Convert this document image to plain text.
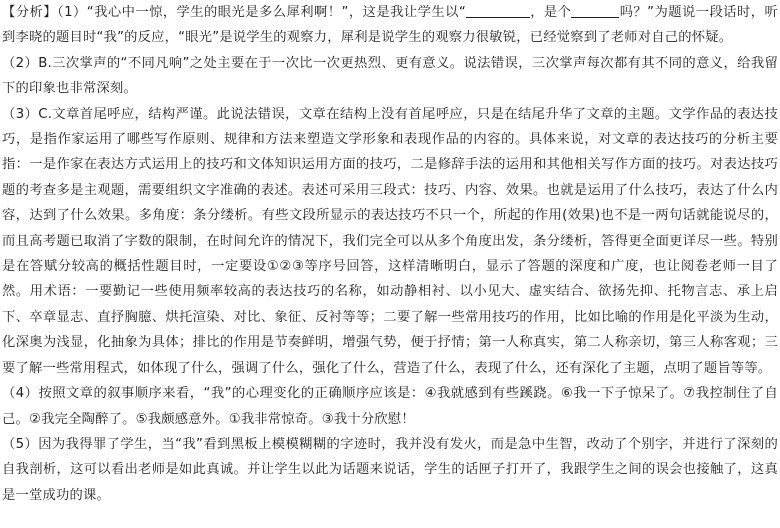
【分析】（1）“我心中一惊，学生的眼光是多么犀利啊！”，这是我让学生以“	，是个	吗？”为题说一段话时，听到李晓的题目时“我”的反应，“眼光”是说学生的观察力，犀利是说学生的观察力很敏锐，已经觉察到了老师对自己的怀疑。

（2）B.三次掌声的“不同凡响”之处主要在于一次比一次更热烈、更有意义。说法错误，三次掌声每次都有其不同的意义，给我留下的印象也非常深刻。

（3）C.文章首尾呼应，结构严谨。此说法错误，文章在结构上没有首尾呼应，只是在结尾升华了文章的主题。文学作品的表达技巧，是指作家运用了哪些写作原则、规律和方法来塑造文学形象和表现作品的内容的。具体来说，对文章的表达技巧的分析主要指：一是作家在表达方式运用上的技巧和文体知识运用方面的技巧，二是修辞手法的运用和其他相关写作方面的技巧。对表达技巧题的考查多是主观题，需要组织文字准确的表述。表述可采用三段式：技巧、内容、效果。也就是运用了什么技巧，表达了什么内容，达到了什么效果。多角度：条分缕析。有些文段所显示的表达技巧不只一个，所起的作用(效果)也不是一两句话就能说尽的，而且高考题已取消了字数的限制，在时间允许的情况下，我们完全可以从多个角度出发，条分缕析，答得更全面更详尽一些。特别是在答赋分较高的概括性题目时，一定要设①②③等序号回答，这样清晰明白，显示了答题的深度和广度，也让阅卷老师一目了然。用术语：一要勤记一些使用频率较高的表达技巧的名称，如动静相衬、以小见大、虚实结合、欲扬先抑、托物言志、承上启下、卒章显志、直抒胸臆、烘托渲染、对比、象征、反衬等等；二要了解一些常用技巧的作用，比如比喻的作用是化平淡为生动，化深奥为浅显，化抽象为具体；排比的作用是节奏鲜明，增强气势，便于抒情；第一人称真实，第二人称亲切，第三人称客观；三要了解一些常用程式，如体现了什么，强调了什么，强化了什么，营造了什么，表现了什么，还有深化了主题，点明了题旨等等。

（4）按照文章的叙事顺序来看，“我”的心理变化的正确顺序应该是：④我就感到有些蹊跷。⑥我一下子惊呆了。⑦我控制住了自己。②我完全陶醉了。⑤我颇感意外。①我非常惊奇。③我十分欣慰！

（5）因为我得罪了学生，当“我”看到黑板上模模糊糊的字迹时，我并没有发火，而是急中生智，改动了个别字，并进行了深刻的自我剖析，这可以看出老师是如此真诚。并让学生以此为话题来说话，学生的话匣子打开了，我跟学生之间的误会也接触了，这真是一堂成功的课。
